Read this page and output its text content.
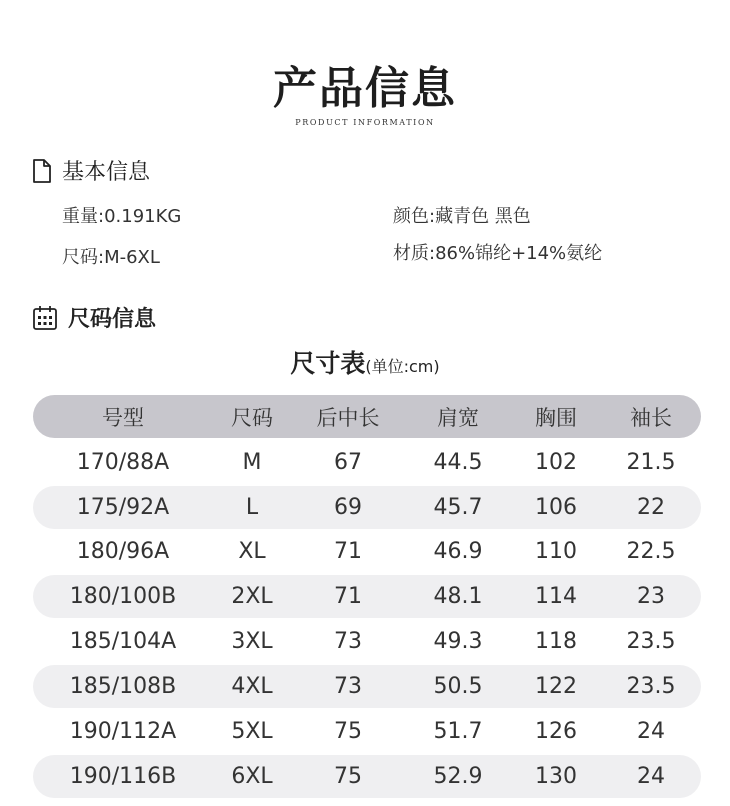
产品信息
PRODUCT INFORMATION
基本信息
重量:0.191KG
尺码:M-6XL
颜色:藏青色 黑色
材质:86%锦纶+14%氨纶
尺码信息
尺寸表(单位:cm)
号型	尺码	后中长	肩宽	胸围	袖长
170/88A	M	67	44.5	102	21.5
175/92A	L	69	45.7	106	22
180/96A	XL	71	46.9	110	22.5
180/100B	2XL	71	48.1	114	23
185/104A	3XL	73	49.3	118	23.5
185/108B	4XL	73	50.5	122	23.5
190/112A	5XL	75	51.7	126	24
190/116B	6XL	75	52.9	130	24
